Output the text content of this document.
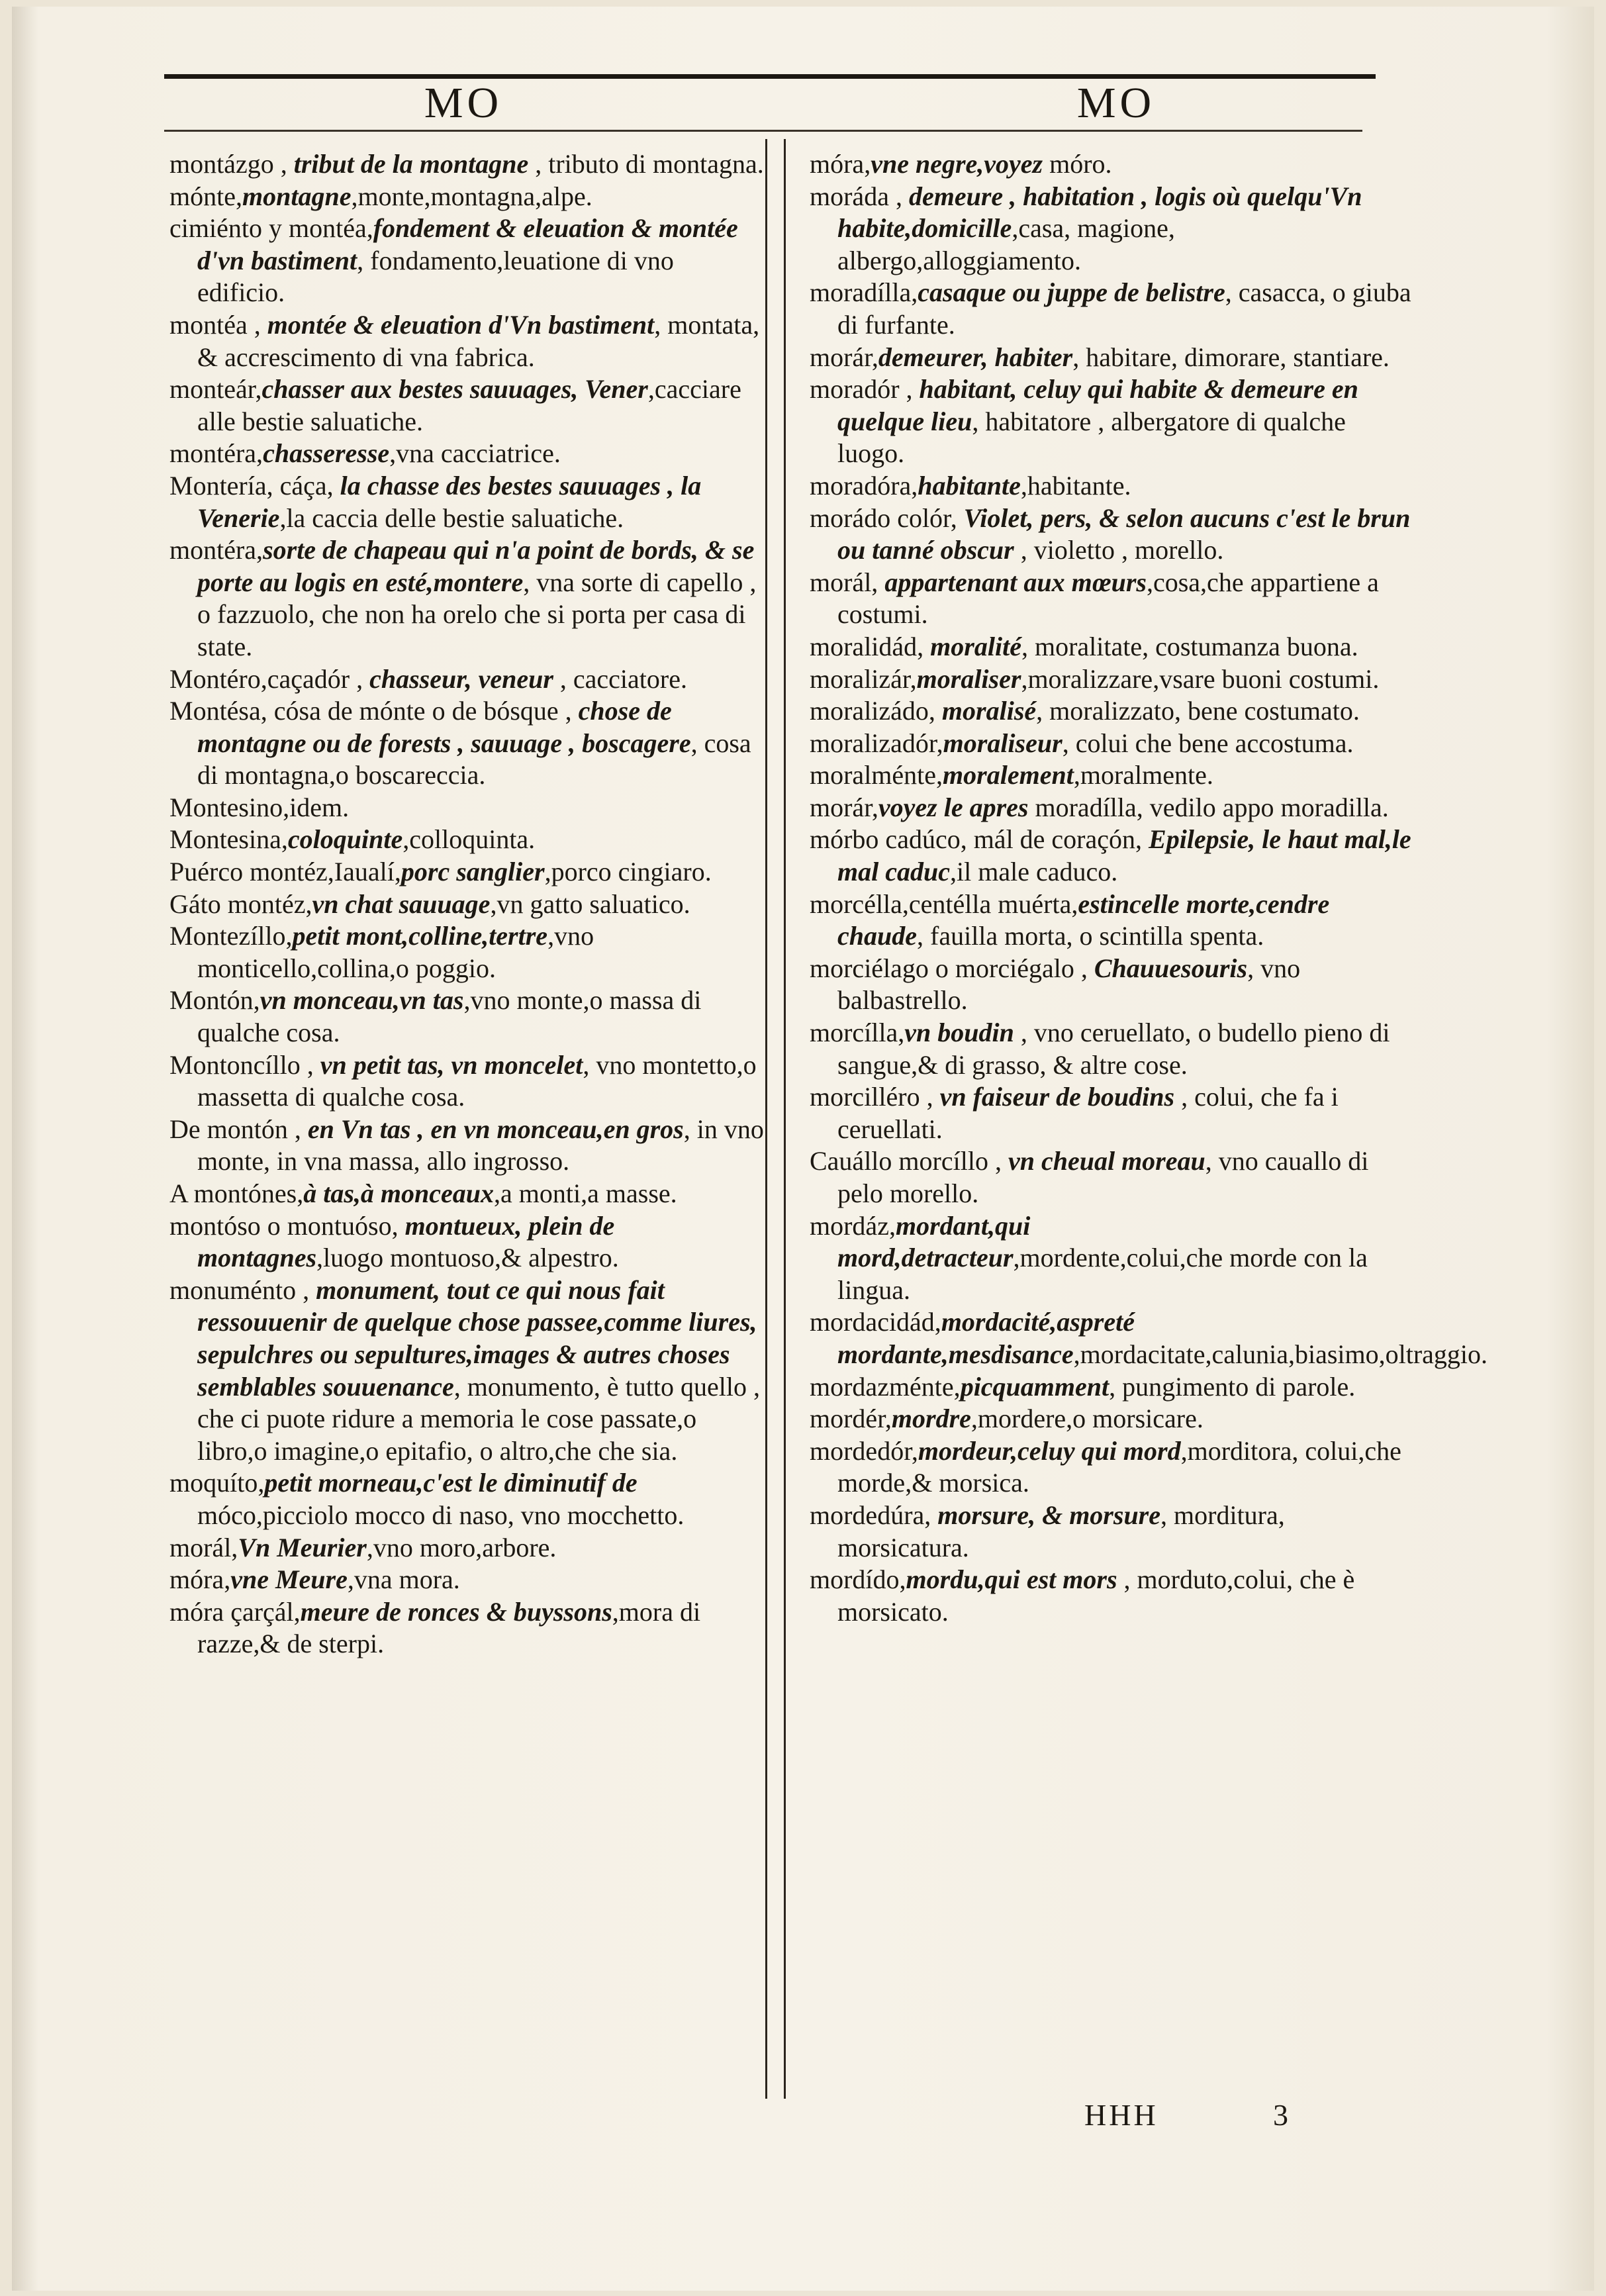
MO	MO

montázgo , tribut de la montagne , tributo di montagna.

mónte,montagne,monte,montagna,alpe.

cimiénto y montéa,fondement & eleuation & montée d'vn bastiment, fondamento,leuatione di vno edificio.

montéa , montée & eleuation d'Vn bastiment, montata, & accrescimento di vna fabrica.

monteár,chasser aux bestes sauuages, Vener,cacciare alle bestie saluatiche.

montéra,chasseresse,vna cacciatrice.

Montería, cáça, la chasse des bestes sauuages , la Venerie,la caccia delle bestie saluatiche.

montéra,sorte de chapeau qui n'a point de bords, & se porte au logis en esté,montere, vna sorte di capello , o fazzuolo, che non ha orelo che si porta per casa di state.

Montéro,caçadór , chasseur, veneur , cacciatore.

Montésa, cósa de mónte o de bósque , chose de montagne ou de forests , sauuage , boscagere, cosa di montagna,o boscareccia.

Montesino,idem.

Montesina,coloquinte,colloquinta.

Puérco montéz,Iaualí,porc sanglier,porco cingiaro.

Gáto montéz,vn chat sauuage,vn gatto saluatico.

Montezíllo,petit mont,colline,tertre,vno monticello,collina,o poggio.

Montón,vn monceau,vn tas,vno monte,o massa di qualche cosa.

Montoncíllo , vn petit tas, vn moncelet, vno montetto,o massetta di qualche cosa.

De montón , en Vn tas , en vn monceau,en gros, in vno monte, in vna massa, allo ingrosso.

A montónes,à tas,à monceaux,a monti,a masse.

montóso o montuóso, montueux, plein de montagnes,luogo montuoso,& alpestro.

monuménto , monument, tout ce qui nous fait ressouuenir de quelque chose passee,comme liures, sepulchres ou sepultures,images & autres choses semblables souuenance, monumento, è tutto quello , che ci puote ridure a memoria le cose passate,o libro,o imagine,o epitafio, o altro,che che sia.

moquíto,petit morneau,c'est le diminutif de móco,picciolo mocco di naso, vno mocchetto.

morál,Vn Meurier,vno moro,arbore.

móra,vne Meure,vna mora.

móra çarçál,meure de ronces & buyssons,mora di razze,& de sterpi.

móra,vne negre,voyez móro.

moráda , demeure , habitation , logis où quelqu'Vn habite,domicille,casa, magione, albergo,alloggiamento.

moradílla,casaque ou juppe de belistre, casacca, o giuba di furfante.

morár,demeurer, habiter, habitare, dimorare, stantiare.

moradór , habitant, celuy qui habite & demeure en quelque lieu, habitatore , albergatore di qualche luogo.

moradóra,habitante,habitante.

morádo colór, Violet, pers, & selon aucuns c'est le brun ou tanné obscur , violetto , morello.

morál, appartenant aux mœurs,cosa,che appartiene a costumi.

moralidád, moralité, moralitate, costumanza buona.

moralizár,moraliser,moralizzare,vsare buoni costumi.

moralizádo, moralisé, moralizzato, bene costumato.

moralizadór,moraliseur, colui che bene accostuma.

moralménte,moralement,moralmente.

morár,voyez le apres moradílla, vedilo appo moradilla.

mórbo cadúco, mál de coraçón, Epilepsie, le haut mal,le mal caduc,il male caduco.

morcélla,centélla muérta,estincelle morte,cendre chaude, fauilla morta, o scintilla spenta.

morciélago o morciégalo , Chauuesouris, vno balbastrello.

morcílla,vn boudin , vno ceruellato, o budello pieno di sangue,& di grasso, & altre cose.

morcilléro , vn faiseur de boudins , colui, che fa i ceruellati.

Cauállo morcíllo , vn cheual moreau, vno cauallo di pelo morello.

mordáz,mordant,qui mord,detracteur,mordente,colui,che morde con la lingua.

mordacidád,mordacité,aspreté mordante,mesdisance,mordacitate,calunia,biasimo,oltraggio.

mordazménte,picquamment, pungimento di parole.

mordér,mordre,mordere,o morsicare.

mordedór,mordeur,celuy qui mord,morditora, colui,che morde,& morsica.

mordedúra, morsure, & morsure, morditura, morsicatura.

mordído,mordu,qui est mors , morduto,colui, che è morsicato.

HHH	3
